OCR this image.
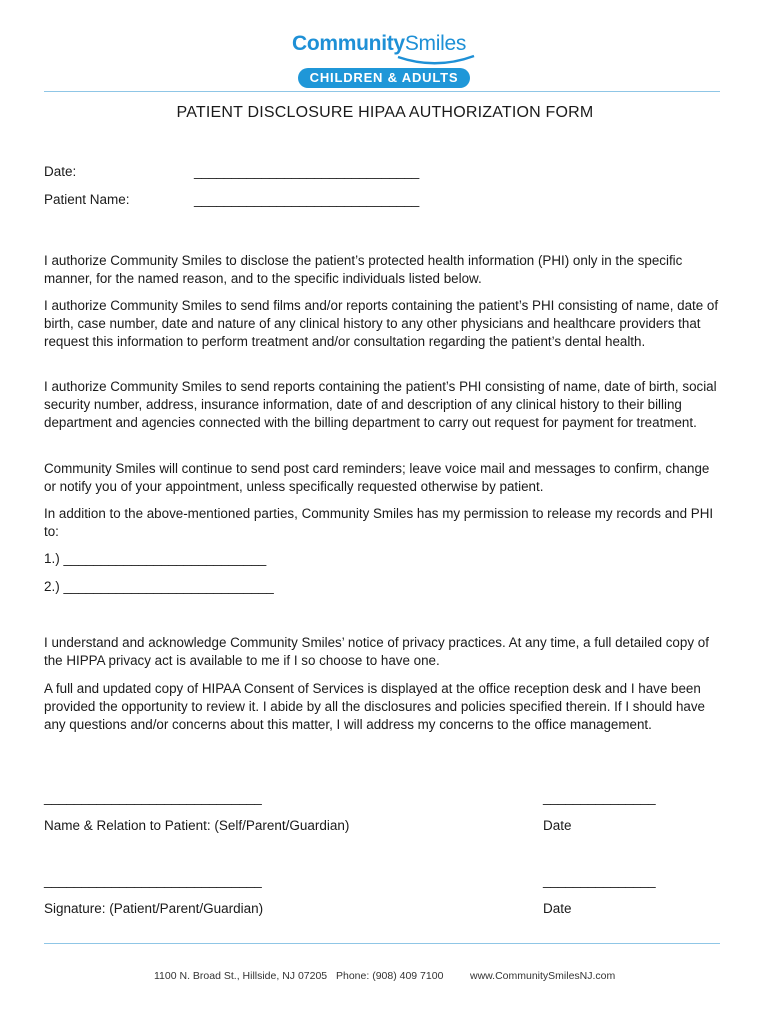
CommunitySmiles
CHILDREN & ADULTS
PATIENT DISCLOSURE HIPAA AUTHORIZATION FORM
Date:	______________________________
Patient Name:	______________________________
I authorize Community Smiles to disclose the patient’s protected health information (PHI) only in the specific manner, for the named reason, and to the specific individuals listed below.
I authorize Community Smiles to send films and/or reports containing the patient’s PHI consisting of name, date of birth, case number, date and nature of any clinical history to any other physicians and healthcare providers that request this information to perform treatment and/or consultation regarding the patient’s dental health.
I authorize Community Smiles to send reports containing the patient’s PHI consisting of name, date of birth, social security number, address, insurance information, date of and description of any clinical history to their billing department and agencies connected with the billing department to carry out request for payment for treatment.
Community Smiles will continue to send post card reminders; leave voice mail and messages to confirm, change or notify you of your appointment, unless specifically requested otherwise by patient.
In addition to the above-mentioned parties, Community Smiles has my permission to release my records and PHI to:
1.) ___________________________
2.) ____________________________
I understand and acknowledge Community Smiles’ notice of privacy practices. At any time, a full detailed copy of the HIPPA privacy act is available to me if I so choose to have one.
A full and updated copy of HIPAA Consent of Services is displayed at the office reception desk and I have been provided the opportunity to review it. I abide by all the disclosures and policies specified therein. If I should have any questions and/or concerns about this matter, I will address my concerns to the office management.
_____________________________	_______________
Name & Relation to Patient: (Self/Parent/Guardian)	Date
_____________________________	_______________
Signature: (Patient/Parent/Guardian)	Date
1100 N. Broad St., Hillside, NJ 07205 Phone: (908) 409 7100	www.CommunitySmilesNJ.com
